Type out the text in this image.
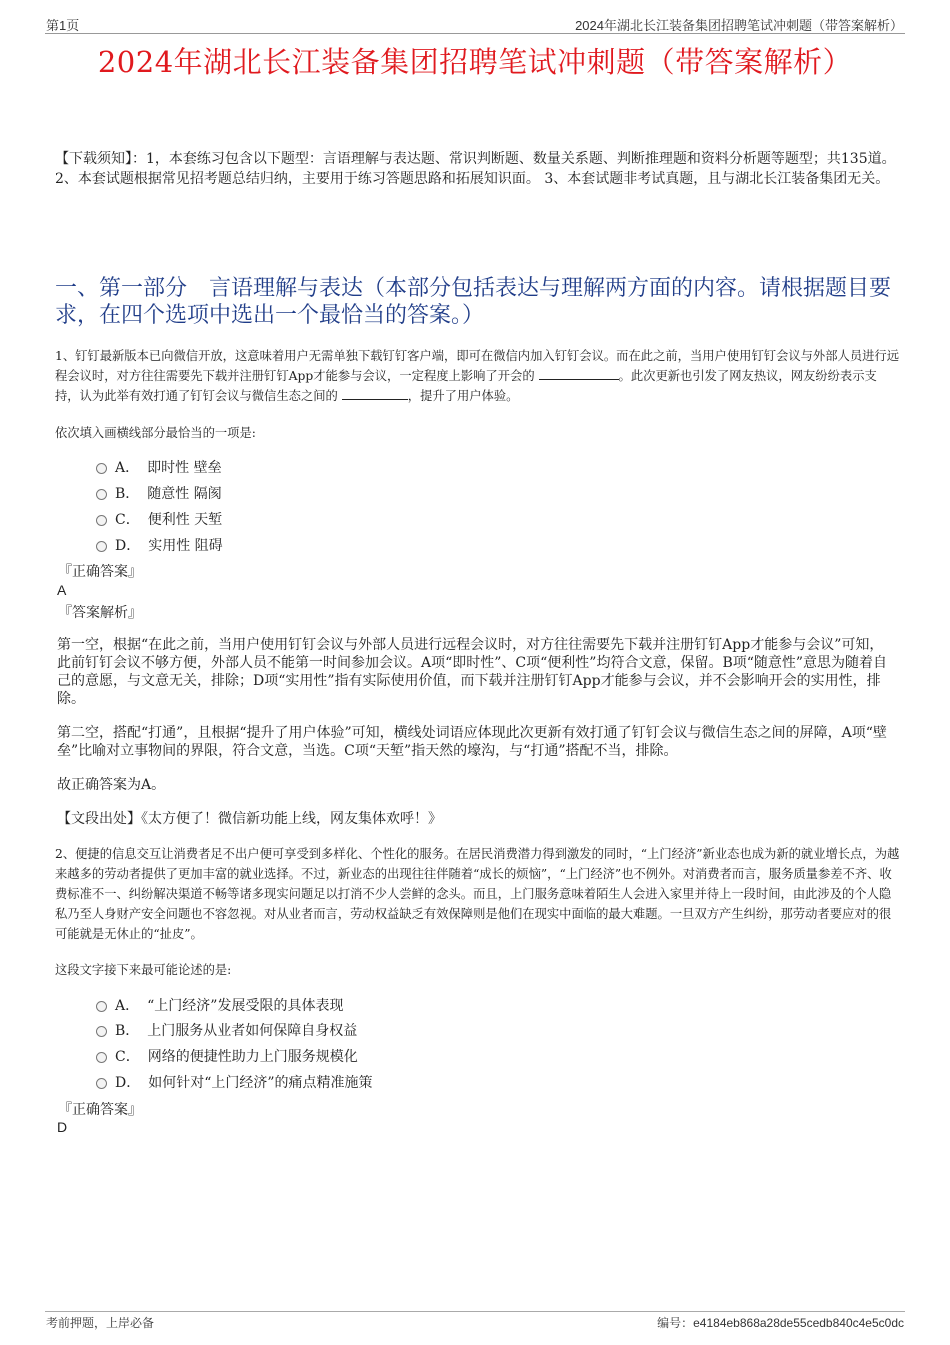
第1页	2024年湖北长江装备集团招聘笔试冲刺题（带答案解析）
2024年湖北长江装备集团招聘笔试冲刺题（带答案解析）
【下载须知】：1，本套练习包含以下题型：言语理解与表达题、常识判断题、数量关系题、判断推理题和资料分析题等题型；共135道。 2、本套试题根据常见招考题总结归纳，主要用于练习答题思路和拓展知识面。 3、本套试题非考试真题，且与湖北长江装备集团无关。
一、第一部分　言语理解与表达（本部分包括表达与理解两方面的内容。请根据题目要求，在四个选项中选出一个最恰当的答案。）
1、钉钉最新版本已向微信开放，这意味着用户无需单独下载钉钉客户端，即可在微信内加入钉钉会议。而在此之前，当用户使用钉钉会议与外部人员进行远程会议时，对方往往需要先下载并注册钉钉App才能参与会议，一定程度上影响了开会的	。此次更新也引发了网友热议，网友纷纷表示支持，认为此举有效打通了钉钉会议与微信生态之间的	，提升了用户体验。
依次填入画横线部分最恰当的一项是:
A． 即时性 壁垒
B． 随意性 隔阂
C． 便利性 天堑
D． 实用性 阻碍
『正确答案』
A
『答案解析』
第一空，根据“在此之前，当用户使用钉钉会议与外部人员进行远程会议时，对方往往需要先下载并注册钉钉App才能参与会议”可知，此前钉钉会议不够方便，外部人员不能第一时间参加会议。A项“即时性”、C项“便利性”均符合文意，保留。B项“随意性”意思为随着自己的意愿，与文意无关，排除；D项“实用性”指有实际使用价值，而下载并注册钉钉App才能参与会议，并不会影响开会的实用性，排除。
第二空，搭配“打通”，且根据“提升了用户体验”可知，横线处词语应体现此次更新有效打通了钉钉会议与微信生态之间的屏障，A项“壁垒”比喻对立事物间的界限，符合文意，当选。C项“天堑”指天然的壕沟，与“打通”搭配不当，排除。
故正确答案为A。
【文段出处】《太方便了！微信新功能上线，网友集体欢呼！》
2、便捷的信息交互让消费者足不出户便可享受到多样化、个性化的服务。在居民消费潜力得到激发的同时，“上门经济”新业态也成为新的就业增长点，为越来越多的劳动者提供了更加丰富的就业选择。不过，新业态的出现往往伴随着“成长的烦恼”，“上门经济”也不例外。对消费者而言，服务质量参差不齐、收费标准不一、纠纷解决渠道不畅等诸多现实问题足以打消不少人尝鲜的念头。而且，上门服务意味着陌生人会进入家里并待上一段时间，由此涉及的个人隐私乃至人身财产安全问题也不容忽视。对从业者而言，劳动权益缺乏有效保障则是他们在现实中面临的最大难题。一旦双方产生纠纷，那劳动者要应对的很可能就是无休止的“扯皮”。
这段文字接下来最可能论述的是:
A． “上门经济”发展受限的具体表现
B． 上门服务从业者如何保障自身权益
C． 网络的便捷性助力上门服务规模化
D． 如何针对“上门经济”的痛点精准施策
『正确答案』
D
考前押题，上岸必备	编号：e4184eb868a28de55cedb840c4e5c0dc
